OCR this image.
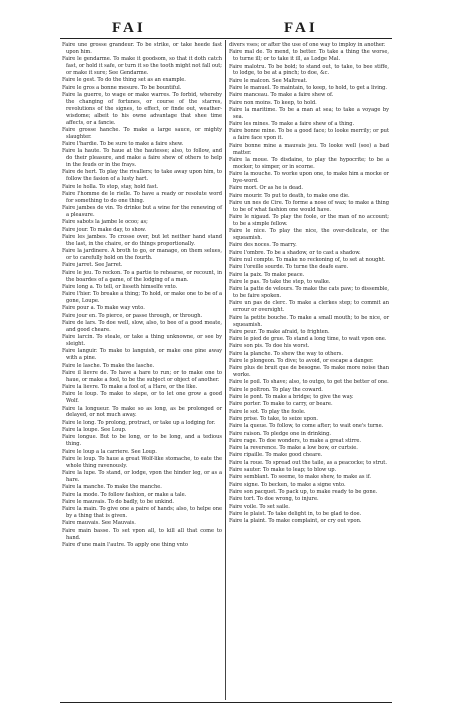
FAI	FAI
Faire une grosse grandeur. To be strike, or take heede fast upon him.
Faire le gendarme. To make it goodsom, so that it doth catch fast, or hold it safe, or turn it so the tooth might not fall out; or make it sure; See Gendarme.
Faire le gest. To do the thing set as an example.
Faire le gros a bonne mesure. To be bountiful.
Faire la guerre, to wage or make warres. To forbid, whereby the changing of fortunes, or course of the starres, revolutions of the signes, to effect, or finde out, weather-wisdome; albeit to his owne advantage that shee time affects, or a fancie.
Faire grosse hanche. To make a large sauce, or mighty slaughter.
Faire l'hardie. To be sure to make a faire shew.
Faire la haute. To haue at the hautesse; also, to follow, and do their pleasure, and make a faire shew of others to help in the feuds or in the frays.
Faire de hert. To play the rivallers; to take away upon him, to follow the fasion of a lusty hart.
Faire le holla. To stop, stay, hold fast.
Faire l'homme de le rielle. To have a ready or resolute word for something to do one thing.
Faire jambes de vin. To drinke but a wine for the renewing of a pleasure.
Faire sabots la jambe le ocoo; as;
Faire jour. To make day, to show.
Faire les jambes. To crosse over, but let neither hand stand the last, in the chaire, or do things proportionally.
Faire la jardinere. A broth to go, or manage, on them selues, or to carefully hold on the fourth.
Faire jarret. See Jarret.
Faire le jeu. To reckon. To a partie to rehearse, or recount, in the boardes of a game, of the lodging of a man.
Faire long a. To tell, or lisseth himselfe vnto.
Faire l'hier. To breake a thing; To hold, or make one to be of a gone, Loupe.
Faire pour a. To make way vnto.
Faire jour en. To pierce, or passe through, or through.
Faire de lars. To doe well, slow, also, to bee of a good meate, and good cheare.
Faire larcin. To steale, or take a thing unknowne, or see by sleight.
Faire languir. To make to languish, or make one pine away with a pine.
Faire le lasche. To make the lasche.
Faire il lievre de. To have a hare to run; or to make one to haue, or make a fool, to be the subject or object of another.
Faire la lievre. To make a fool of, a Hare, or the like.
Faire le loup. To make to slepe, or to let one grow a good Wolf.
Faire la longueur. To make so as long, as be prolonged or delayed, or not much away.
Faire le long. To prolong, protract, or take up a lodging for.
Faire la loupe. See Loup.
Faire longue. But to be long, or to be long, and a tedious thing.
Faire le loup a la carriere. See Loup.
Faire le loup. To haue a great Wolf-like stomache, to eate the whole thing ravenously.
Faire la lupe. To stand, or lodge, vpon the hinder leg, or as a hare.
Faire la manche. To make the manche.
Faire la mode. To follow fashion, or make a tale.
Faire le mauvais. To do badly, to be unkind.
Faire la main. To give one a paire of hands; also, to helpe one by a thing that is given.
Faire mauvais. See Mauvais.
Faire main basse. To set vpon all, to kill all that come to hand.
Faire d'une main l'autre. To apply one thing vnto
divers vses; or after the use of one way to imploy in another.
Faire mal de. To mend, to better. To take a thing the worse, to turne ill; or to take it ill, as Lodge Mal.
Faire malotru. To be bold; to stand out, to take, to bee stiffe, to lodge, to be at a pinch; to doe, &c.
Faire le malcon. See Maltreat.
Faire le manuel. To maintain, to keep, to hold, to get a living.
Faire manceau. To make a faire shew of.
Faire non moins. To keep, to hold.
Faire la maritime. To be a man at sea; to take a voyage by sea.
Faire les mines. To make a faire shew of a thing.
Faire bonne mine. To be a good face; to looke merrily; or put a faire face vpon it.
Faire bonne mine a mauvais jeu. To looke well (see) a bad matter.
Faire la moue. To disdaine, to play the hypocrite; to be a mocker, to simper, or in scorne.
Faire la mouche. To worke upon one, to make him a mocke or bye-word.
Faire mort. Or as he is dead.
Faire mourir. To put to death, to make one die.
Faire un nes de Cire. To forme a nose of wax; to make a thing to be of what fashion one would have.
Faire le nigaud. To play the foole, or the man of no account; to be a simple fellow.
Faire le nice. To play the nice, the over-delicate, or the squeamish.
Faire des noces. To marry.
Faire l'ombre. To be a shadow, or to cast a shadow.
Faire nul compte. To make no reckoning of, to set at nought.
Faire l'oreille sourde. To turne the deafe eare.
Faire la paix. To make peace.
Faire le pas. To take the step, to walke.
Faire la patte de velours. To make the cats paw; to dissemble, to be faire spoken.
Faire un pas de clerc. To make a clerkes step; to commit an errour or oversight.
Faire la petite bouche. To make a small mouth; to be nice, or squeamish.
Faire peur. To make afraid, to frighten.
Faire le pied de grue. To stand a long time, to wait vpon one.
Faire son pis. To doe his worst.
Faire la planche. To shew the way to others.
Faire le plongeon. To dive; to avoid, or escape a danger.
Faire plus de bruit que de besogne. To make more noise than worke.
Faire le poil. To shave; also, to outgo, to get the better of one.
Faire le poltron. To play the coward.
Faire le pont. To make a bridge; to give the way.
Faire porter. To make to carry, or beare.
Faire le sot. To play the foole.
Faire prise. To take, to seize upon.
Faire la queue. To follow, to come after; to wait one's turne.
Faire raison. To pledge one in drinking.
Faire rage. To doe wonders, to make a great stirre.
Faire la reverence. To make a low bow, or curtsie.
Faire ripaille. To make good cheare.
Faire la roue. To spread out the taile, as a peacocke; to strut.
Faire sauter. To make to leap; to blow up.
Faire semblant. To seeme, to make shew, to make as if.
Faire signe. To becken, to make a signe vnto.
Faire son pacquet. To pack up, to make ready to be gone.
Faire tort. To doe wrong, to injure.
Faire voile. To set saile.
Faire le plaist. To take delight in, to be glad to doe.
Faire la plaint. To make complaint, or cry out vpon.
